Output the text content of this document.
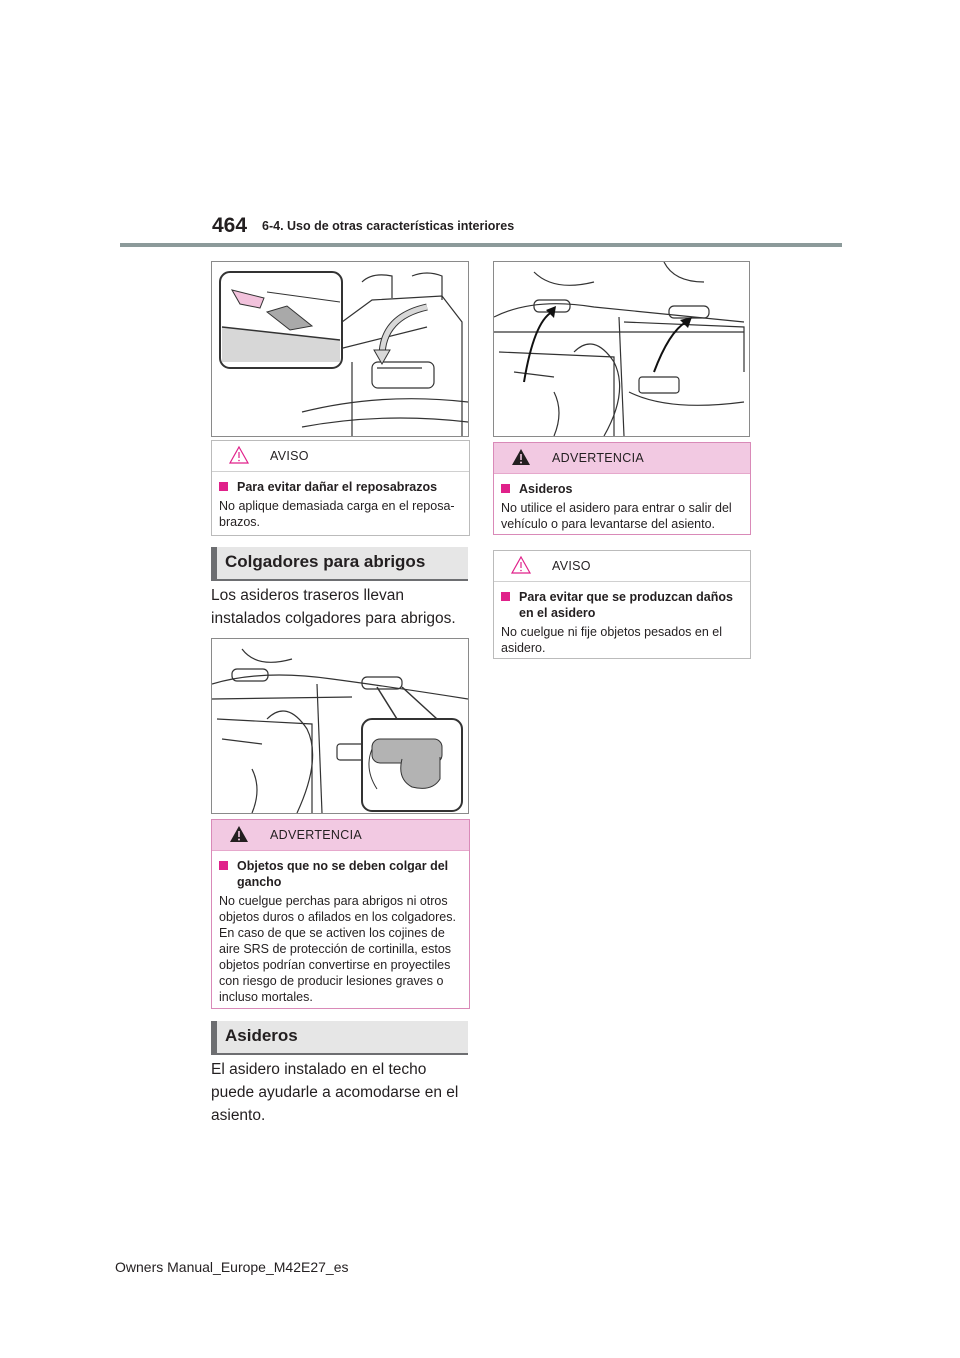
464 6-4. Uso de otras características interiores
AVISO
Para evitar dañar el reposabrazos
No aplique demasiada carga en el reposa-brazos.
Colgadores para abrigos
Los asideros traseros llevan instalados colgadores para abrigos.
ADVERTENCIA
Objetos que no se deben colgar del gancho
No cuelgue perchas para abrigos ni otros objetos duros o afilados en los colgadores. En caso de que se activen los cojines de aire SRS de protección de cortinilla, estos objetos podrían convertirse en proyectiles con riesgo de producir lesiones graves o incluso mortales.
Asideros
El asidero instalado en el techo puede ayudarle a acomodarse en el asiento.
ADVERTENCIA
Asideros
No utilice el asidero para entrar o salir del vehículo o para levantarse del asiento.
AVISO
Para evitar que se produzcan daños en el asidero
No cuelgue ni fije objetos pesados en el asidero.
Owners Manual_Europe_M42E27_es
